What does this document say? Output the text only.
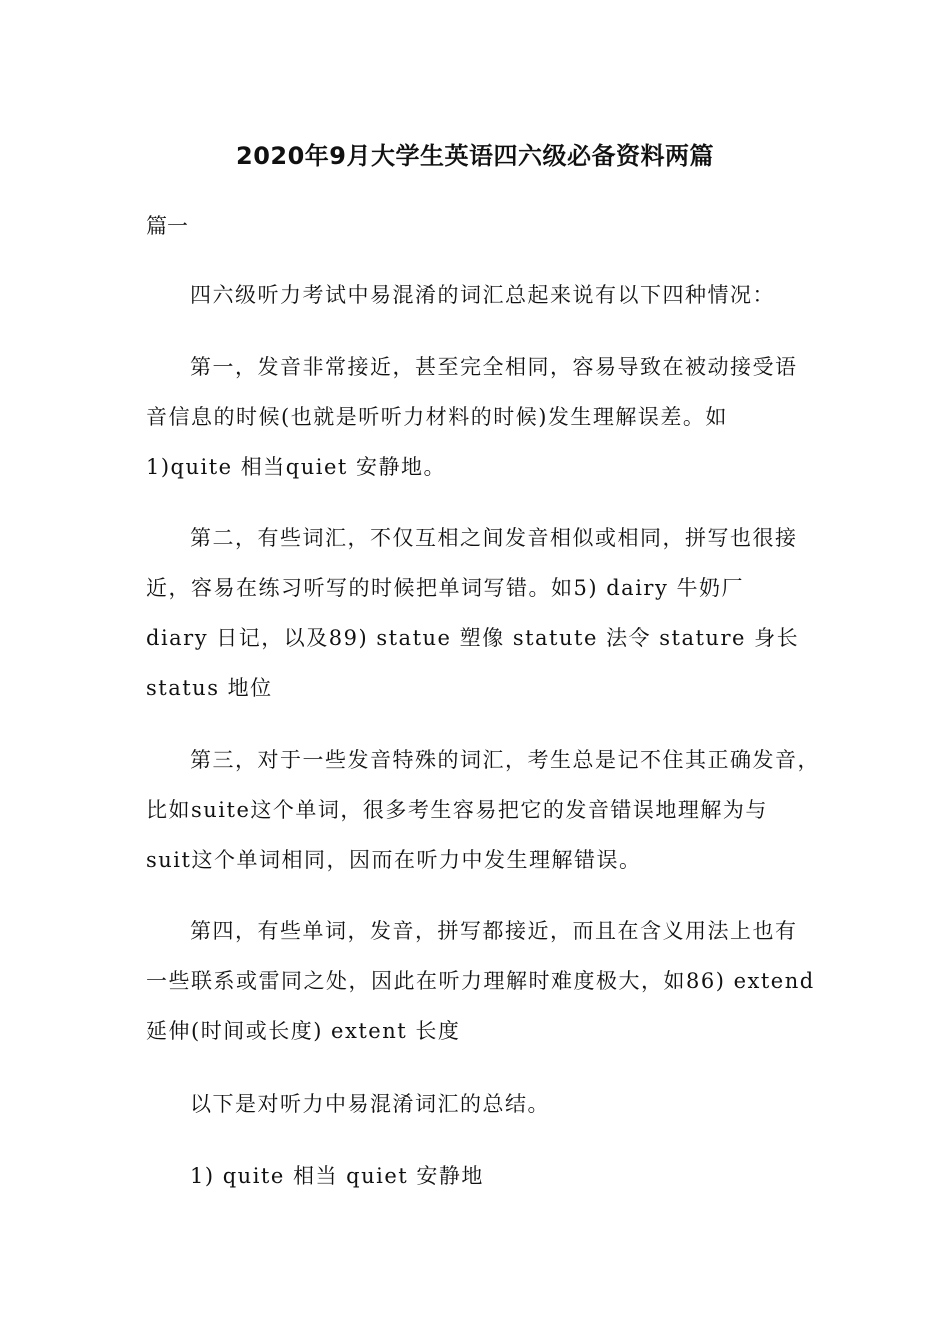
2020年9月大学生英语四六级必备资料两篇
篇一
四六级听力考试中易混淆的词汇总起来说有以下四种情况：
第一，发音非常接近，甚至完全相同，容易导致在被动接受语
音信息的时候(也就是听听力材料的时候)发生理解误差。如
1)quite 相当quiet 安静地。
第二，有些词汇，不仅互相之间发音相似或相同，拼写也很接
近，容易在练习听写的时候把单词写错。如5) dairy 牛奶厂
diary 日记，以及89) statue 塑像 statute 法令 stature 身长
status 地位
第三，对于一些发音特殊的词汇，考生总是记不住其正确发音，
比如suite这个单词，很多考生容易把它的发音错误地理解为与
suit这个单词相同，因而在听力中发生理解错误。
第四，有些单词，发音，拼写都接近，而且在含义用法上也有
一些联系或雷同之处，因此在听力理解时难度极大，如86) extend
延伸(时间或长度) extent 长度
以下是对听力中易混淆词汇的总结。
1) quite 相当 quiet 安静地
